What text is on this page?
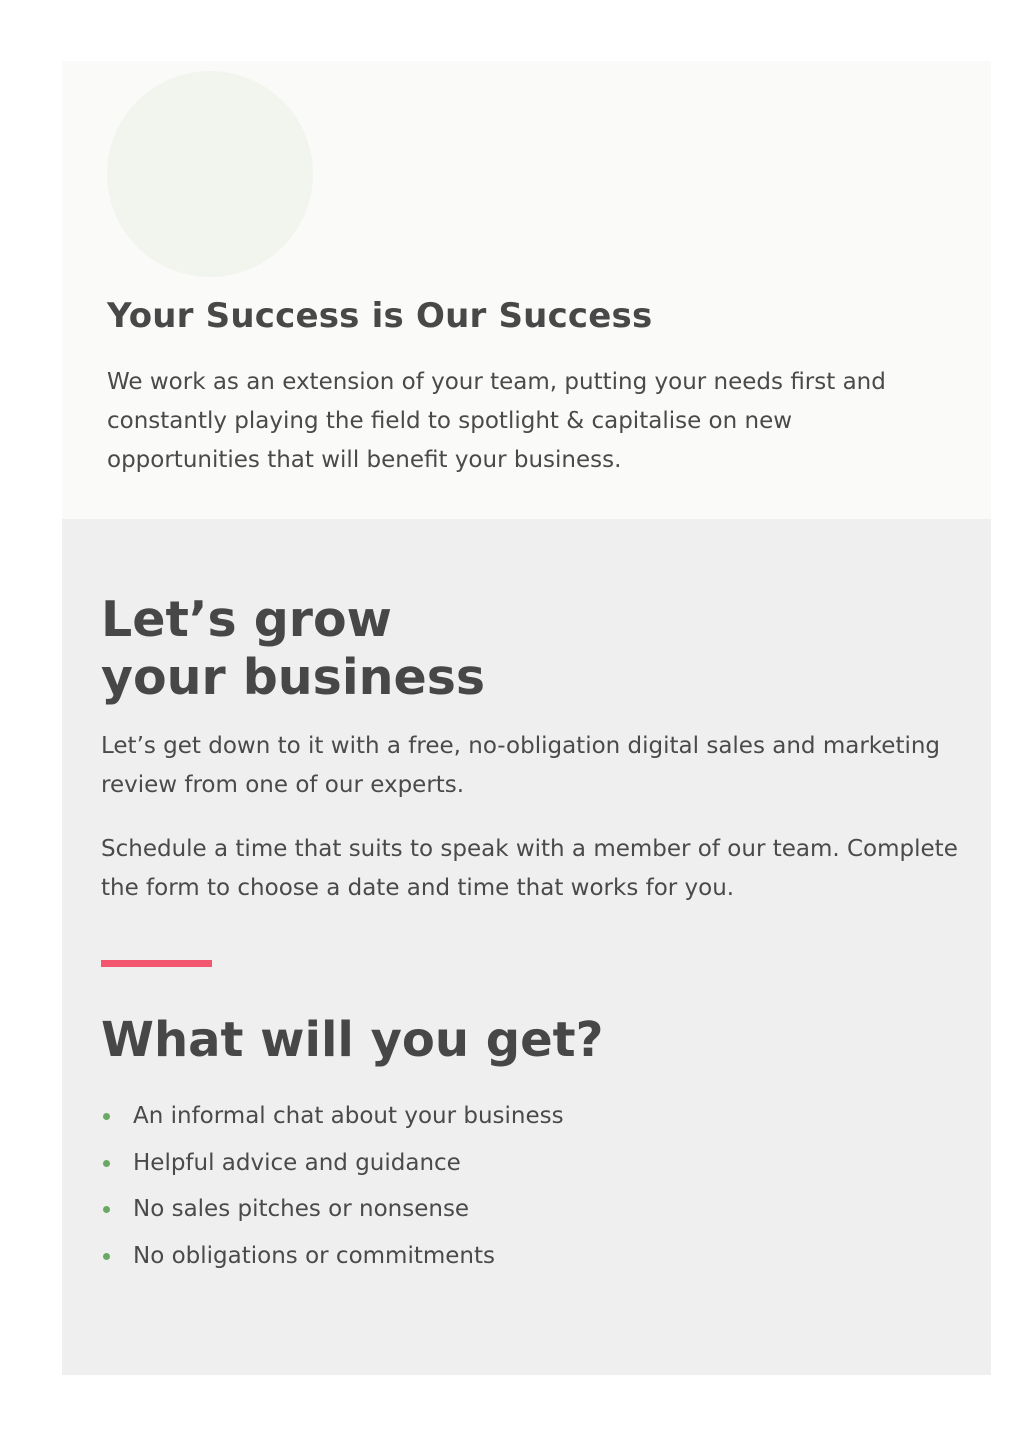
Your Success is Our Success

We work as an extension of your team, putting your needs first and constantly playing the field to spotlight & capitalise on new opportunities that will benefit your business.

Let’s grow
your business

Let’s get down to it with a free, no-obligation digital sales and marketing review from one of our experts.

Schedule a time that suits to speak with a member of our team. Complete the form to choose a date and time that works for you.

What will you get?
An informal chat about your business
Helpful advice and guidance
No sales pitches or nonsense
No obligations or commitments
